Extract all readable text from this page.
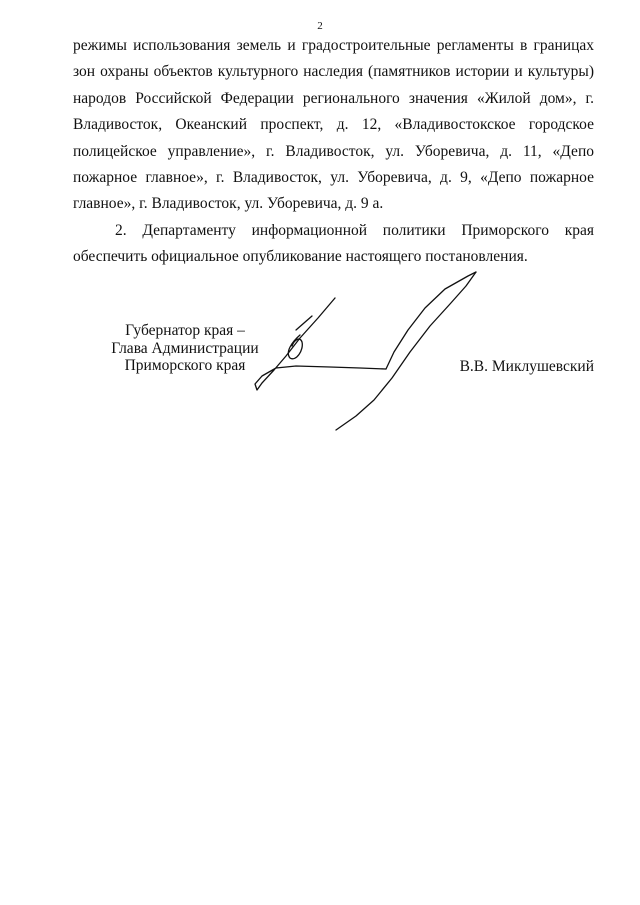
2

режимы использования земель и градостроительные регламенты в границах зон охраны объектов культурного наследия (памятников истории и культуры) народов Российской Федерации регионального значения «Жилой дом», г. Владивосток, Океанский проспект, д. 12, «Владивостокское городское полицейское управление», г. Владивосток, ул. Уборевича, д. 11, «Депо пожарное главное», г. Владивосток, ул. Уборевича, д. 9, «Депо пожарное главное», г. Владивосток, ул. Уборевича, д. 9 а.

2. Департаменту информационной политики Приморского края обеспечить официальное опубликование настоящего постановления.

Губернатор края –
Глава Администрации
Приморского края	В.В. Миклушевский
